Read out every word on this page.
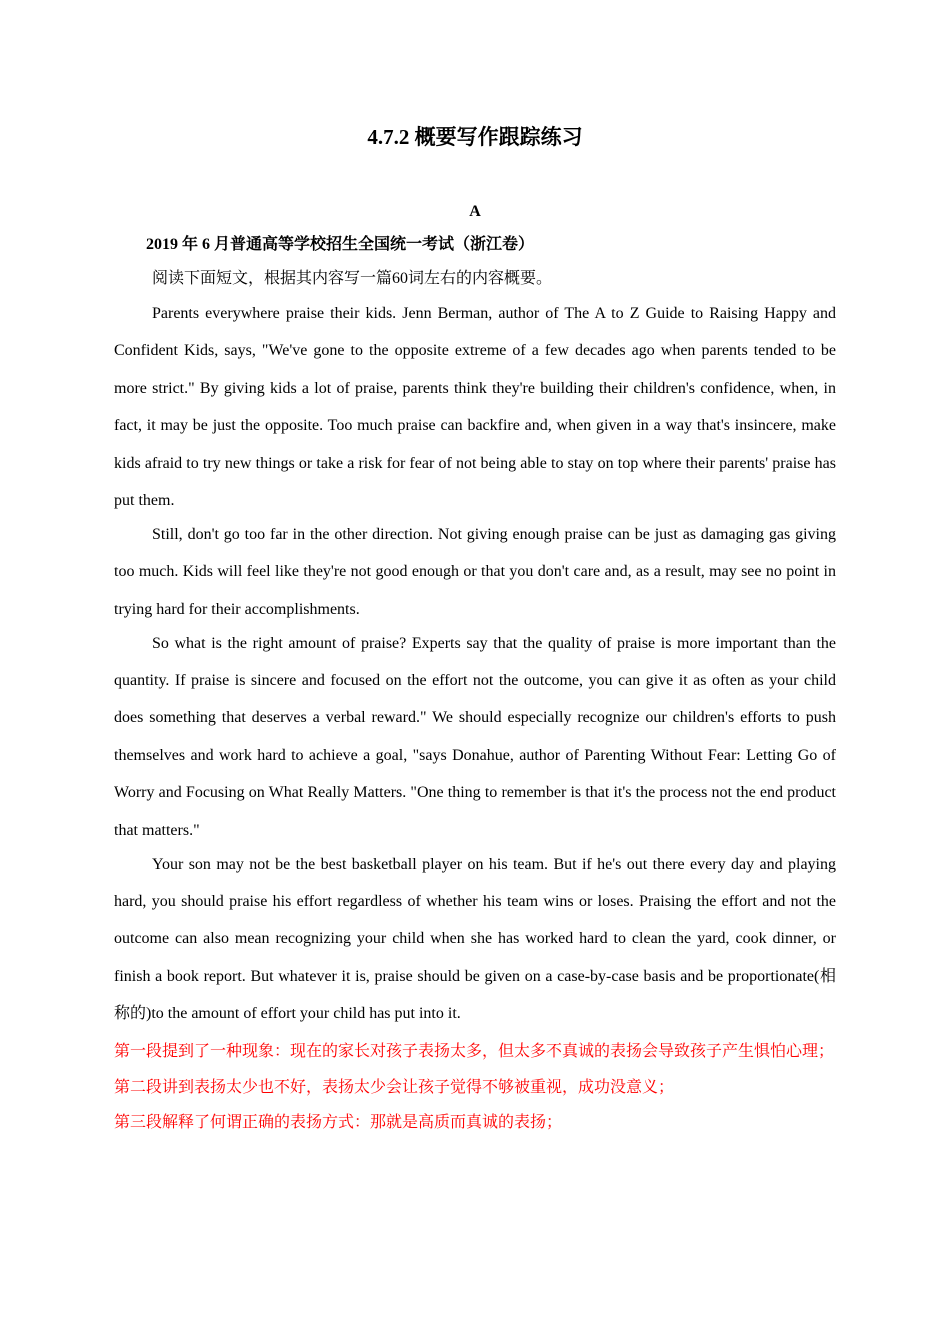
4.7.2 概要写作跟踪练习
A
2019 年 6 月普通高等学校招生全国统一考试（浙江卷）
阅读下面短文，根据其内容写一篇60词左右的内容概要。

Parents everywhere praise their kids. Jenn Berman, author of The A to Z Guide to Raising Happy and Confident Kids, says, "We've gone to the opposite extreme of a few decades ago when parents tended to be more strict." By giving kids a lot of praise, parents think they're building their children's confidence, when, in fact, it may be just the opposite. Too much praise can backfire and, when given in a way that's insincere, make kids afraid to try new things or take a risk for fear of not being able to stay on top where their parents' praise has put them.

Still, don't go too far in the other direction. Not giving enough praise can be just as damaging gas giving too much. Kids will feel like they're not good enough or that you don't care and, as a result, may see no point in trying hard for their accomplishments.

So what is the right amount of praise? Experts say that the quality of praise is more important than the quantity. If praise is sincere and focused on the effort not the outcome, you can give it as often as your child does something that deserves a verbal reward." We should especially recognize our children's efforts to push themselves and work hard to achieve a goal, "says Donahue, author of Parenting Without Fear: Letting Go of Worry and Focusing on What Really Matters. "One thing to remember is that it's the process not the end product that matters."

Your son may not be the best basketball player on his team. But if he's out there every day and playing hard, you should praise his effort regardless of whether his team wins or loses. Praising the effort and not the outcome can also mean recognizing your child when she has worked hard to clean the yard, cook dinner, or finish a book report. But whatever it is, praise should be given on a case-by-case basis and be proportionate(相称的)to the amount of effort your child has put into it.

第一段提到了一种现象：现在的家长对孩子表扬太多，但太多不真诚的表扬会导致孩子产生惧怕心理；

第二段讲到表扬太少也不好，表扬太少会让孩子觉得不够被重视，成功没意义；

第三段解释了何谓正确的表扬方式：那就是高质而真诚的表扬；
